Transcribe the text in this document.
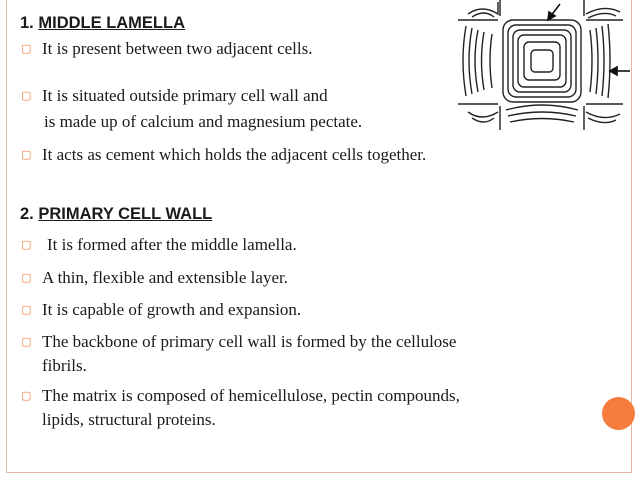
1. MIDDLE LAMELLA
▢
It is present between two adjacent cells.
▢
It is situated outside primary cell wall and
is made up of calcium and magnesium pectate.
▢
It acts as cement which holds the adjacent cells together.
2. PRIMARY CELL WALL
▢
It is formed after the middle lamella.
▢
A thin, flexible and extensible layer.
▢
It is capable of growth and expansion.
▢
The backbone of primary cell wall is formed by the cellulose
fibrils.
▢
The matrix is composed of hemicellulose, pectin compounds,
lipids, structural proteins.
